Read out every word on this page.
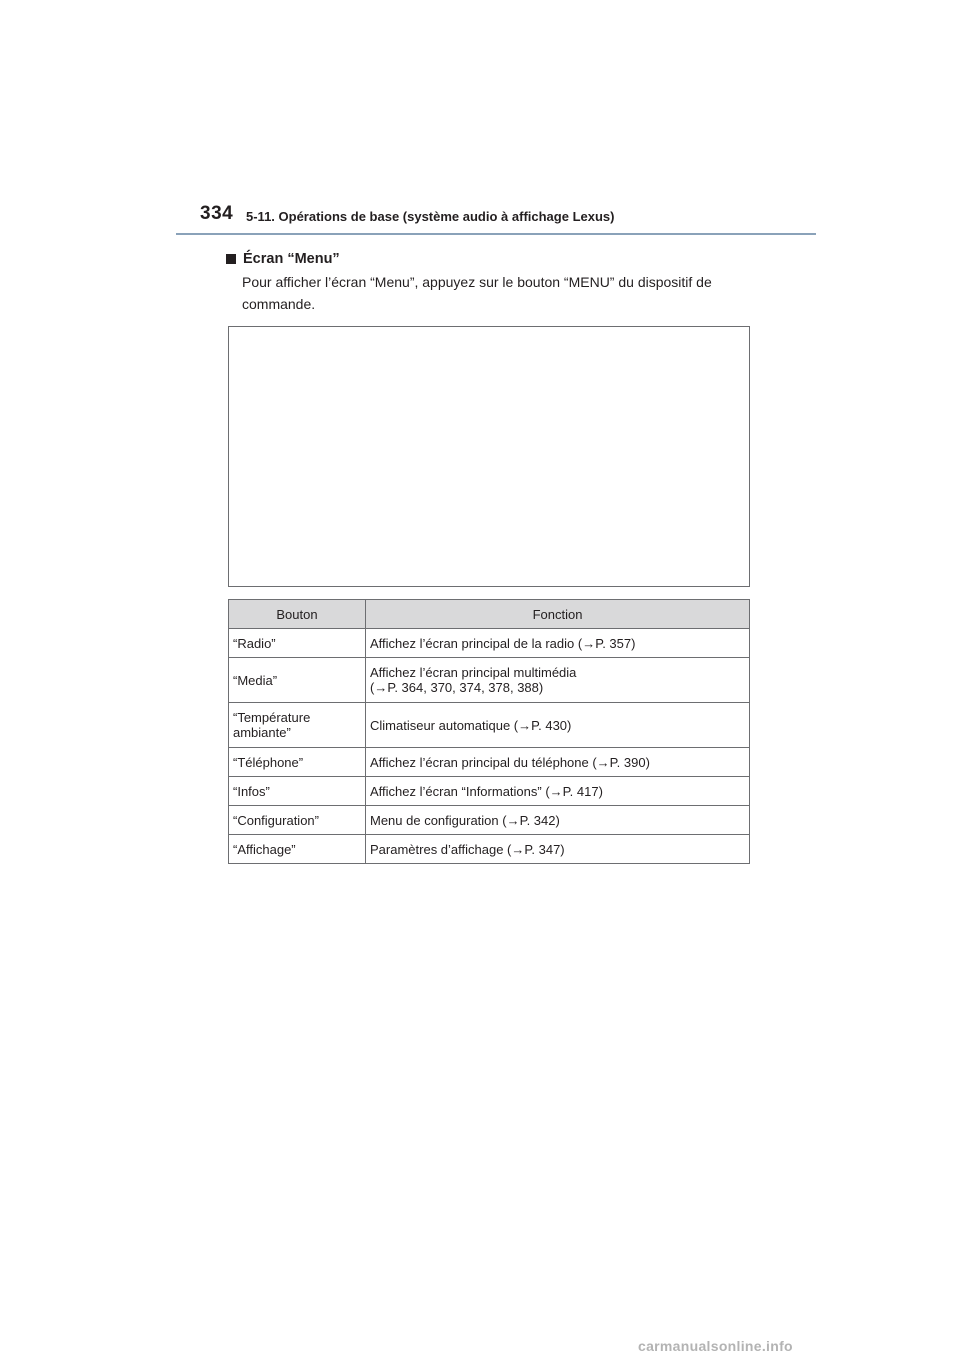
334 5-11. Opérations de base (système audio à affichage Lexus)
Écran “Menu”
Pour afficher l’écran “Menu”, appuyez sur le bouton “MENU” du dispositif de
commande.
Bouton	Fonction

“Radio”	Affichez l’écran principal de la radio (→P. 357)

“Media”	Affichez l’écran principal multimédia
(→P. 364, 370, 374, 378, 388)

“Température
ambiante”	Climatiseur automatique (→P. 430)

“Téléphone”	Affichez l’écran principal du téléphone (→P. 390)

“Infos”	Affichez l’écran “Informations” (→P. 417)

“Configuration”	Menu de configuration (→P. 342)

“Affichage”	Paramètres d’affichage (→P. 347)
carmanualsonline.info
